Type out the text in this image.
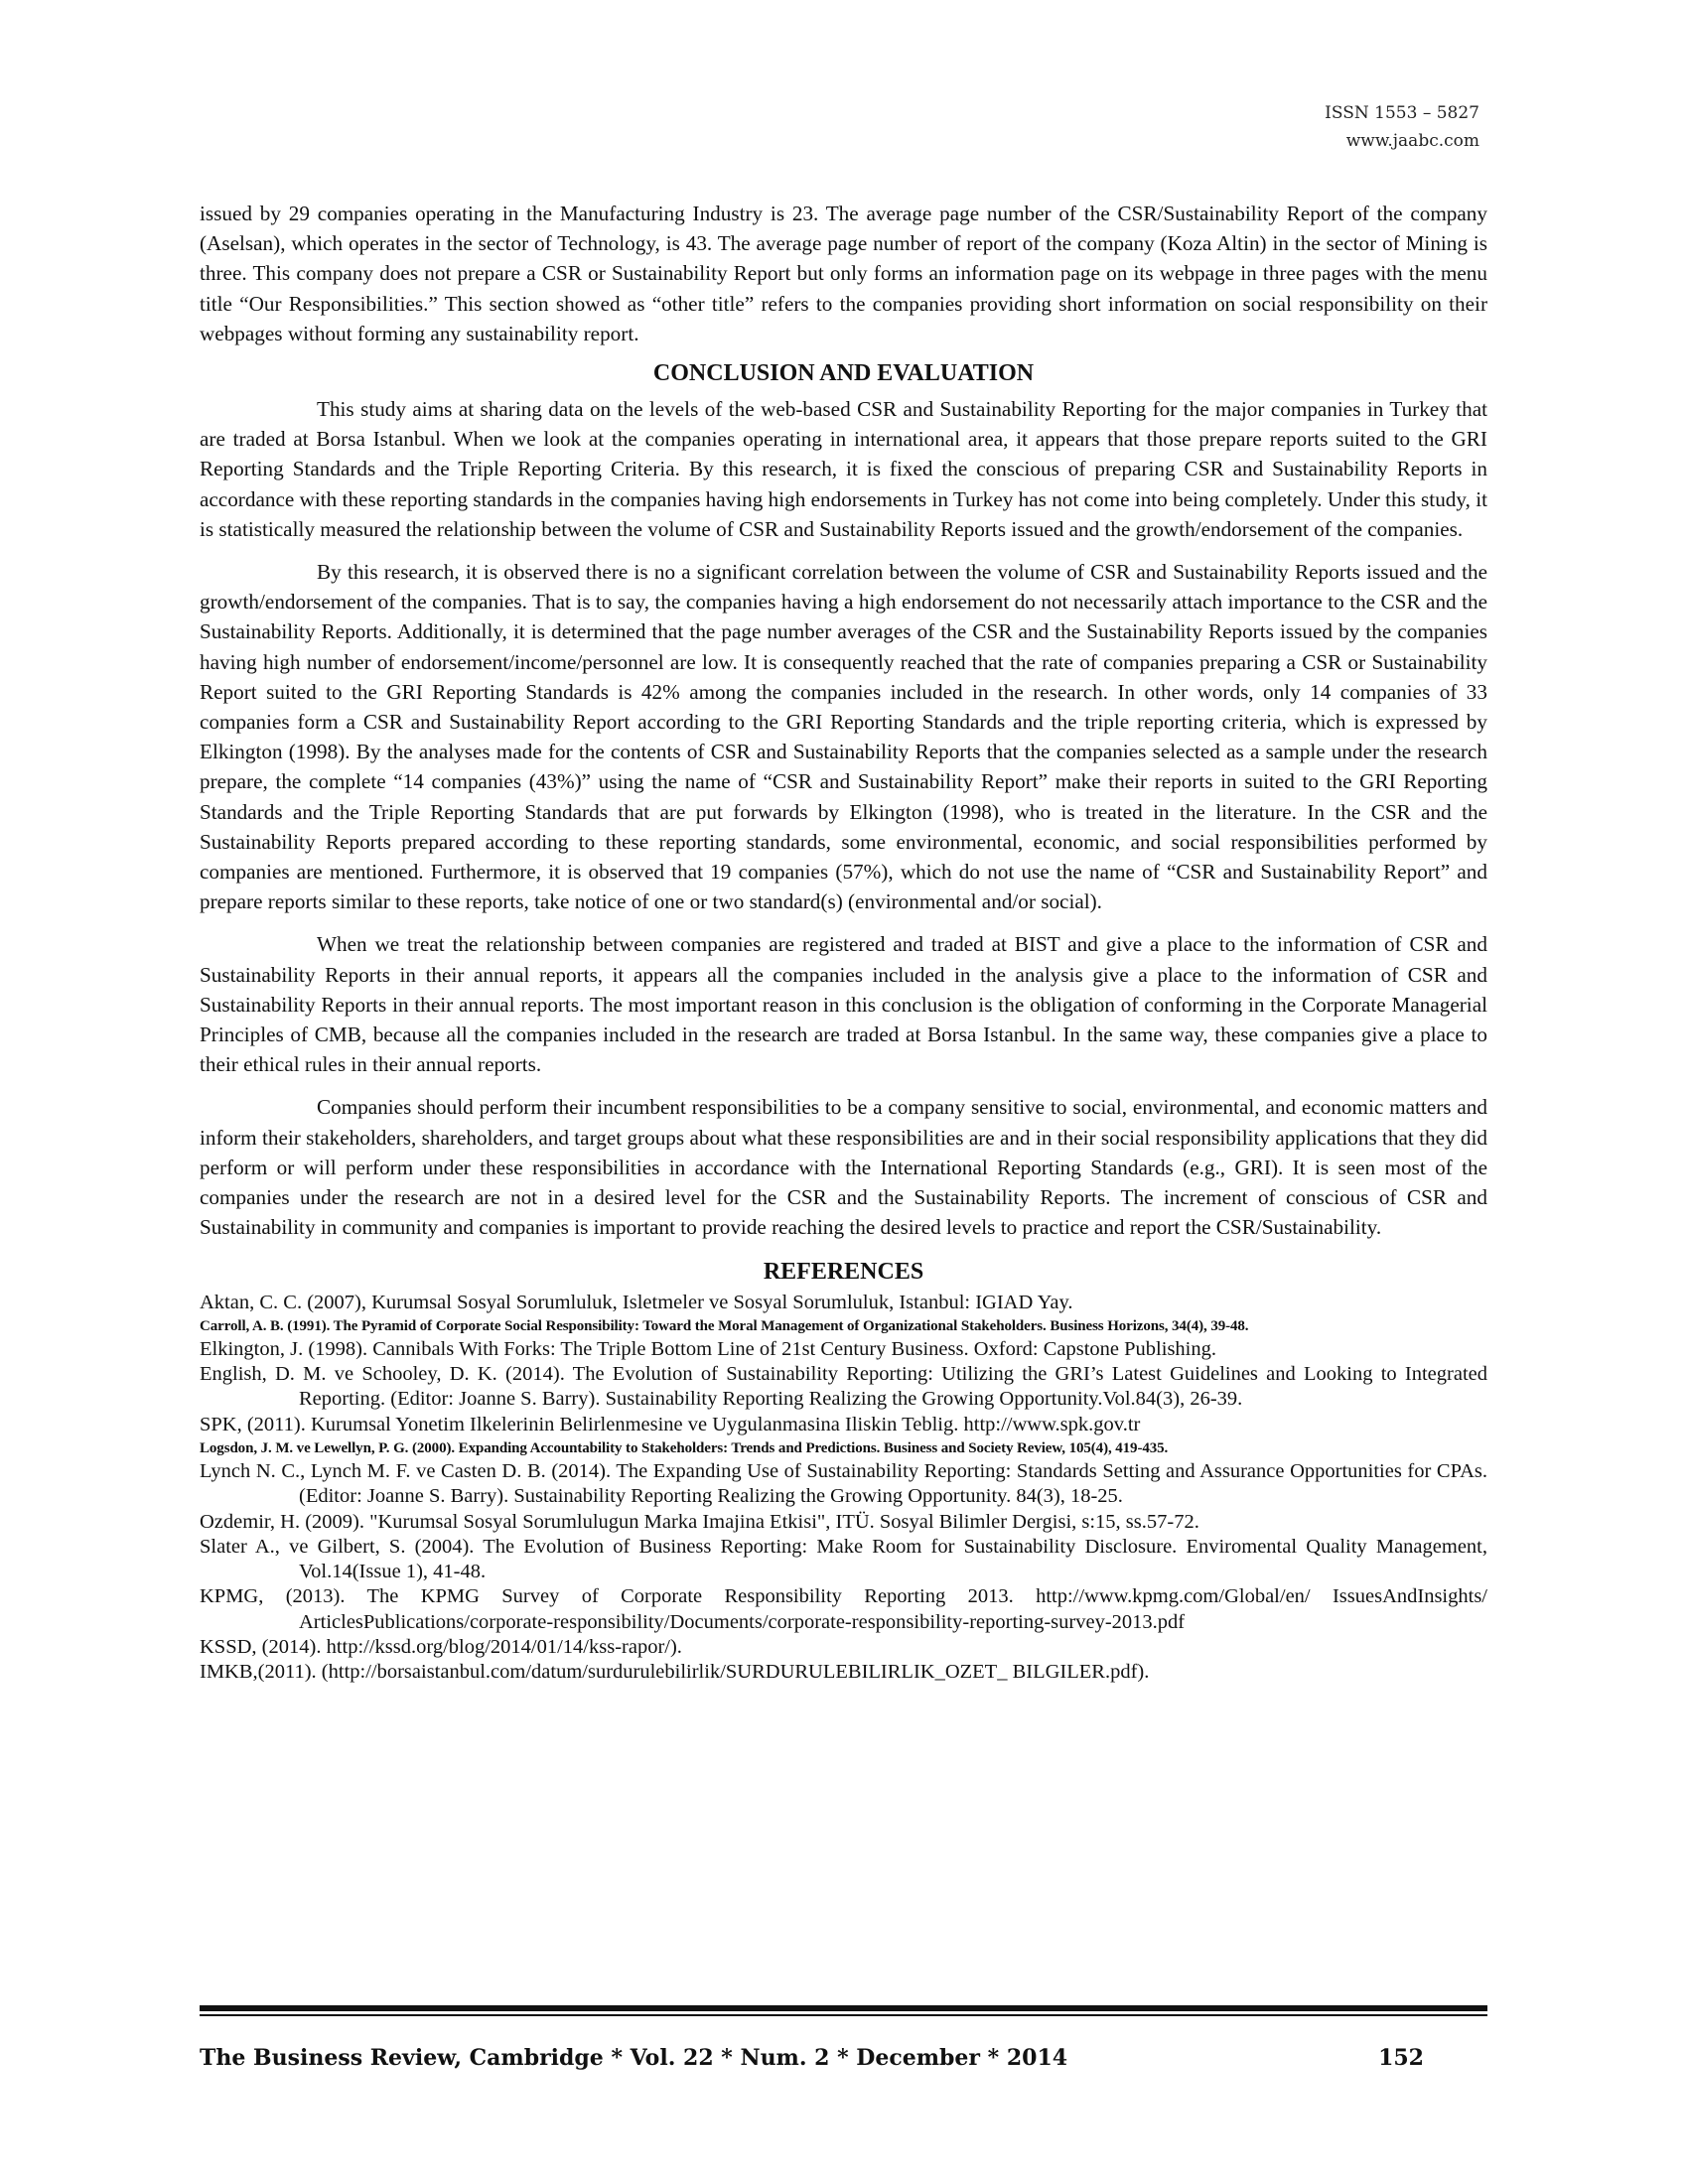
ISSN 1553 – 5827
www.jaabc.com

issued by 29 companies operating in the Manufacturing Industry is 23. The average page number of the CSR/Sustainability Report of the company (Aselsan), which operates in the sector of Technology, is 43. The average page number of report of the company (Koza Altin) in the sector of Mining is three. This company does not prepare a CSR or Sustainability Report but only forms an information page on its webpage in three pages with the menu title “Our Responsibilities.” This section showed as “other title” refers to the companies providing short information on social responsibility on their webpages without forming any sustainability report.

CONCLUSION AND EVALUATION

This study aims at sharing data on the levels of the web-based CSR and Sustainability Reporting for the major companies in Turkey that are traded at Borsa Istanbul. When we look at the companies operating in international area, it appears that those prepare reports suited to the GRI Reporting Standards and the Triple Reporting Criteria. By this research, it is fixed the conscious of preparing CSR and Sustainability Reports in accordance with these reporting standards in the companies having high endorsements in Turkey has not come into being completely. Under this study, it is statistically measured the relationship between the volume of CSR and Sustainability Reports issued and the growth/endorsement of the companies.

By this research, it is observed there is no a significant correlation between the volume of CSR and Sustainability Reports issued and the growth/endorsement of the companies. That is to say, the companies having a high endorsement do not necessarily attach importance to the CSR and the Sustainability Reports. Additionally, it is determined that the page number averages of the CSR and the Sustainability Reports issued by the companies having high number of endorsement/income/personnel are low. It is consequently reached that the rate of companies preparing a CSR or Sustainability Report suited to the GRI Reporting Standards is 42% among the companies included in the research. In other words, only 14 companies of 33 companies form a CSR and Sustainability Report according to the GRI Reporting Standards and the triple reporting criteria, which is expressed by Elkington (1998). By the analyses made for the contents of CSR and Sustainability Reports that the companies selected as a sample under the research prepare, the complete “14 companies (43%)” using the name of “CSR and Sustainability Report” make their reports in suited to the GRI Reporting Standards and the Triple Reporting Standards that are put forwards by Elkington (1998), who is treated in the literature. In the CSR and the Sustainability Reports prepared according to these reporting standards, some environmental, economic, and social responsibilities performed by companies are mentioned. Furthermore, it is observed that 19 companies (57%), which do not use the name of “CSR and Sustainability Report” and prepare reports similar to these reports, take notice of one or two standard(s) (environmental and/or social).

When we treat the relationship between companies are registered and traded at BIST and give a place to the information of CSR and Sustainability Reports in their annual reports, it appears all the companies included in the analysis give a place to the information of CSR and Sustainability Reports in their annual reports. The most important reason in this conclusion is the obligation of conforming in the Corporate Managerial Principles of CMB, because all the companies included in the research are traded at Borsa Istanbul. In the same way, these companies give a place to their ethical rules in their annual reports.

Companies should perform their incumbent responsibilities to be a company sensitive to social, environmental, and economic matters and inform their stakeholders, shareholders, and target groups about what these responsibilities are and in their social responsibility applications that they did perform or will perform under these responsibilities in accordance with the International Reporting Standards (e.g., GRI). It is seen most of the companies under the research are not in a desired level for the CSR and the Sustainability Reports. The increment of conscious of CSR and Sustainability in community and companies is important to provide reaching the desired levels to practice and report the CSR/Sustainability.

REFERENCES
Aktan, C. C. (2007), Kurumsal Sosyal Sorumluluk, Isletmeler ve Sosyal Sorumluluk, Istanbul: IGIAD Yay.
Carroll, A. B. (1991). The Pyramid of Corporate Social Responsibility: Toward the Moral Management of Organizational Stakeholders. Business Horizons, 34(4), 39-48.
Elkington, J. (1998). Cannibals With Forks: The Triple Bottom Line of 21st Century Business. Oxford: Capstone Publishing.
English, D. M. ve Schooley, D. K. (2014). The Evolution of Sustainability Reporting: Utilizing the GRI’s Latest Guidelines and Looking to Integrated Reporting. (Editor: Joanne S. Barry). Sustainability Reporting Realizing the Growing Opportunity.Vol.84(3), 26-39.
SPK, (2011). Kurumsal Yonetim Ilkelerinin Belirlenmesine ve Uygulanmasina Iliskin Teblig. http://www.spk.gov.tr
Logsdon, J. M. ve Lewellyn, P. G. (2000). Expanding Accountability to Stakeholders: Trends and Predictions. Business and Society Review, 105(4), 419-435.
Lynch N. C., Lynch M. F. ve Casten D. B. (2014). The Expanding Use of Sustainability Reporting: Standards Setting and Assurance Opportunities for CPAs. (Editor: Joanne S. Barry). Sustainability Reporting Realizing the Growing Opportunity. 84(3), 18-25.
Ozdemir, H. (2009). "Kurumsal Sosyal Sorumlulugun Marka Imajina Etkisi", ITÜ. Sosyal Bilimler Dergisi, s:15, ss.57-72.
Slater A., ve Gilbert, S. (2004). The Evolution of Business Reporting: Make Room for Sustainability Disclosure. Enviromental Quality Management, Vol.14(Issue 1), 41-48.
KPMG, (2013). The KPMG Survey of Corporate Responsibility Reporting 2013. http://www.kpmg.com/Global/en/ IssuesAndInsights/ ArticlesPublications/corporate-responsibility/Documents/corporate-responsibility-reporting-survey-2013.pdf
KSSD, (2014). http://kssd.org/blog/2014/01/14/kss-rapor/).
IMKB,(2011). (http://borsaistanbul.com/datum/surdurulebilirlik/SURDURULEBILIRLIK_OZET_ BILGILER.pdf).
The Business Review, Cambridge * Vol. 22 * Num. 2 * December * 2014	152
